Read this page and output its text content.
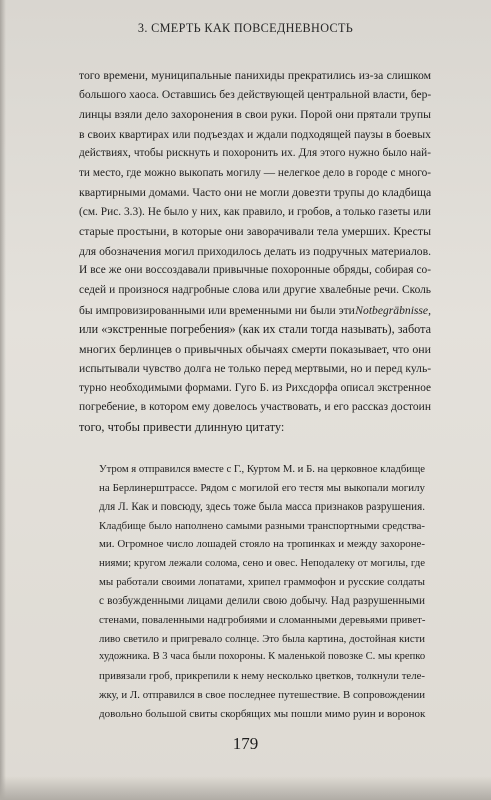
3. СМЕРТЬ КАК ПОВСЕДНЕВНОСТЬ
того времени, муниципальные панихиды прекратились из-за слишком
большого хаоса. Оставшись без действующей центральной власти, бер-
линцы взяли дело захоронения в свои руки. Порой они прятали трупы
в своих квартирах или подъездах и ждали подходящей паузы в боевых
действиях, чтобы рискнуть и похоронить их. Для этого нужно было най-
ти место, где можно выкопать могилу — нелегкое дело в городе с много-
квартирными домами. Часто они не могли довезти трупы до кладбища
(см. Рис. 3.3). Не было у них, как правило, и гробов, а только газеты или
старые простыни, в которые они заворачивали тела умерших. Кресты
для обозначения могил приходилось делать из подручных материалов.
И все же они воссоздавали привычные похоронные обряды, собирая со-
седей и произнося надгробные слова или другие хвалебные речи. Сколь
бы импровизированными или временными ни были эти Notbegräbnisse,
или «экстренные погребения» (как их стали тогда называть), забота
многих берлинцев о привычных обычаях смерти показывает, что они
испытывали чувство долга не только перед мертвыми, но и перед куль-
турно необходимыми формами. Гуго Б. из Рихсдорфа описал экстренное
погребение, в котором ему довелось участвовать, и его рассказ достоин
того, чтобы привести длинную цитату:
Утром я отправился вместе с Г., Куртом М. и Б. на церковное кладбище
на Берлинерштрассе. Рядом с могилой его тестя мы выкопали могилу
для Л. Как и повсюду, здесь тоже была масса признаков разрушения.
Кладбище было наполнено самыми разными транспортными средства-
ми. Огромное число лошадей стояло на тропинках и между захороне-
ниями; кругом лежали солома, сено и овес. Неподалеку от могилы, где
мы работали своими лопатами, хрипел граммофон и русские солдаты
с возбужденными лицами делили свою добычу. Над разрушенными
стенами, поваленными надгробиями и сломанными деревьями привет-
ливо светило и пригревало солнце. Это была картина, достойная кисти
художника. В 3 часа были похороны. К маленькой повозке С. мы крепко
привязали гроб, прикрепили к нему несколько цветков, толкнули теле-
жку, и Л. отправился в свое последнее путешествие. В сопровождении
довольно большой свиты скорбящих мы пошли мимо руин и воронок
179
